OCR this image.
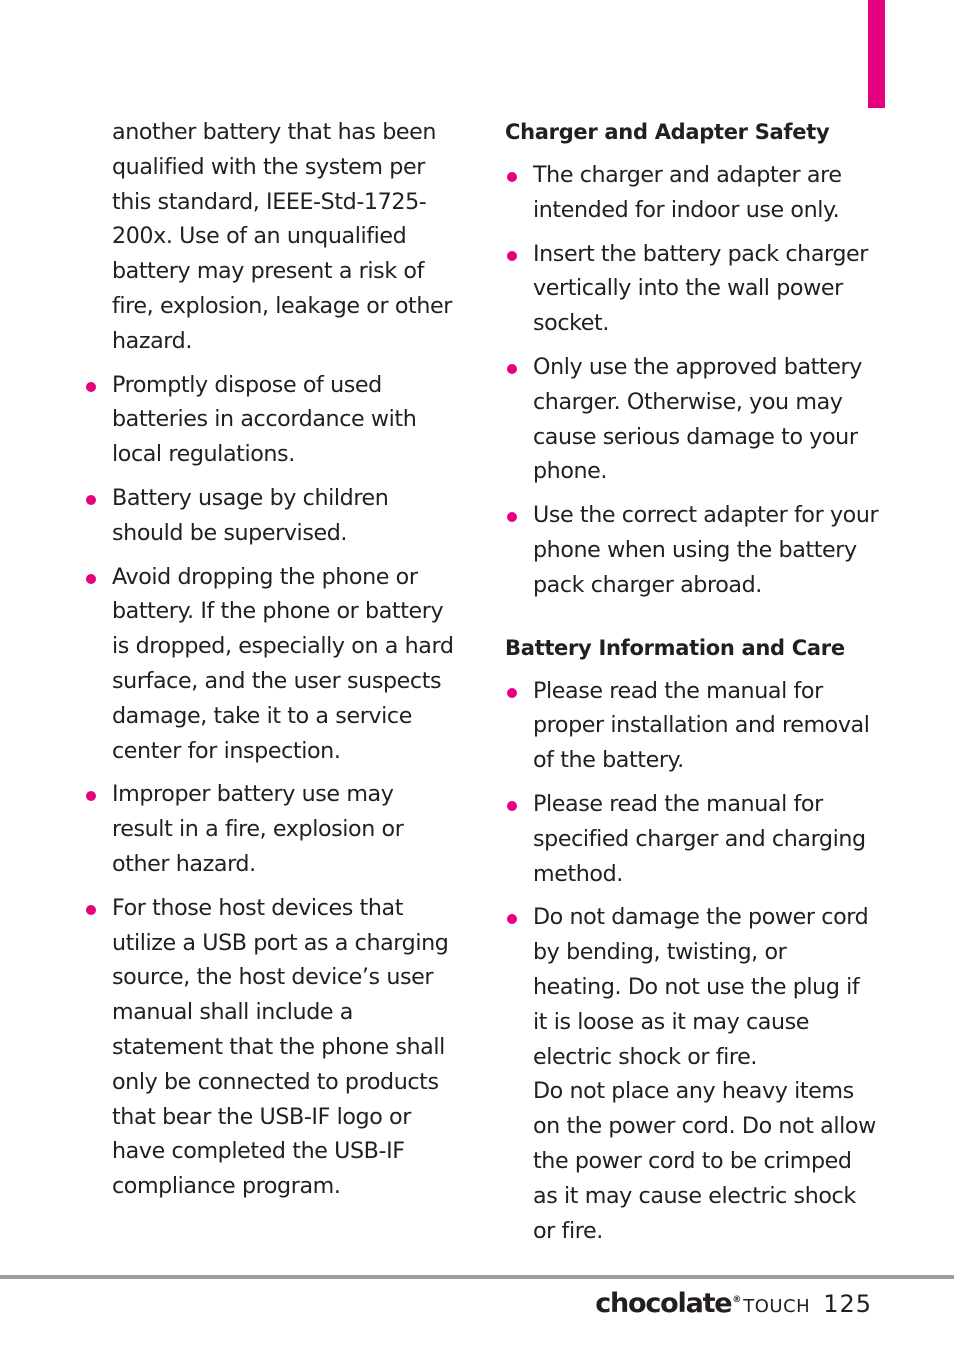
another battery that has been qualified with the system per this standard, IEEE-Std-1725-200x. Use of an unqualified battery may present a risk of fire, explosion, leakage or other hazard.

Promptly dispose of used batteries in accordance with local regulations.
Battery usage by children should be supervised.
Avoid dropping the phone or battery. If the phone or battery is dropped, especially on a hard surface, and the user suspects damage, take it to a service center for inspection.
Improper battery use may result in a fire, explosion or other hazard.
For those host devices that utilize a USB port as a charging source, the host device’s user manual shall include a statement that the phone shall only be connected to products that bear the USB-IF logo or have completed the USB-IF compliance program.
Charger and Adapter Safety
The charger and adapter are intended for indoor use only.
Insert the battery pack charger vertically into the wall power socket.
Only use the approved battery charger. Otherwise, you may cause serious damage to your phone.
Use the correct adapter for your phone when using the battery pack charger abroad.
Battery Information and Care
Please read the manual for proper installation and removal of the battery.
Please read the manual for specified charger and charging method.
Do not damage the power cord by bending, twisting, or heating. Do not use the plug if it is loose as it may cause electric shock or fire.

Do not place any heavy items on the power cord. Do not allow the power cord to be crimped as it may cause electric shock or fire.

chocolate® TOUCH 125
